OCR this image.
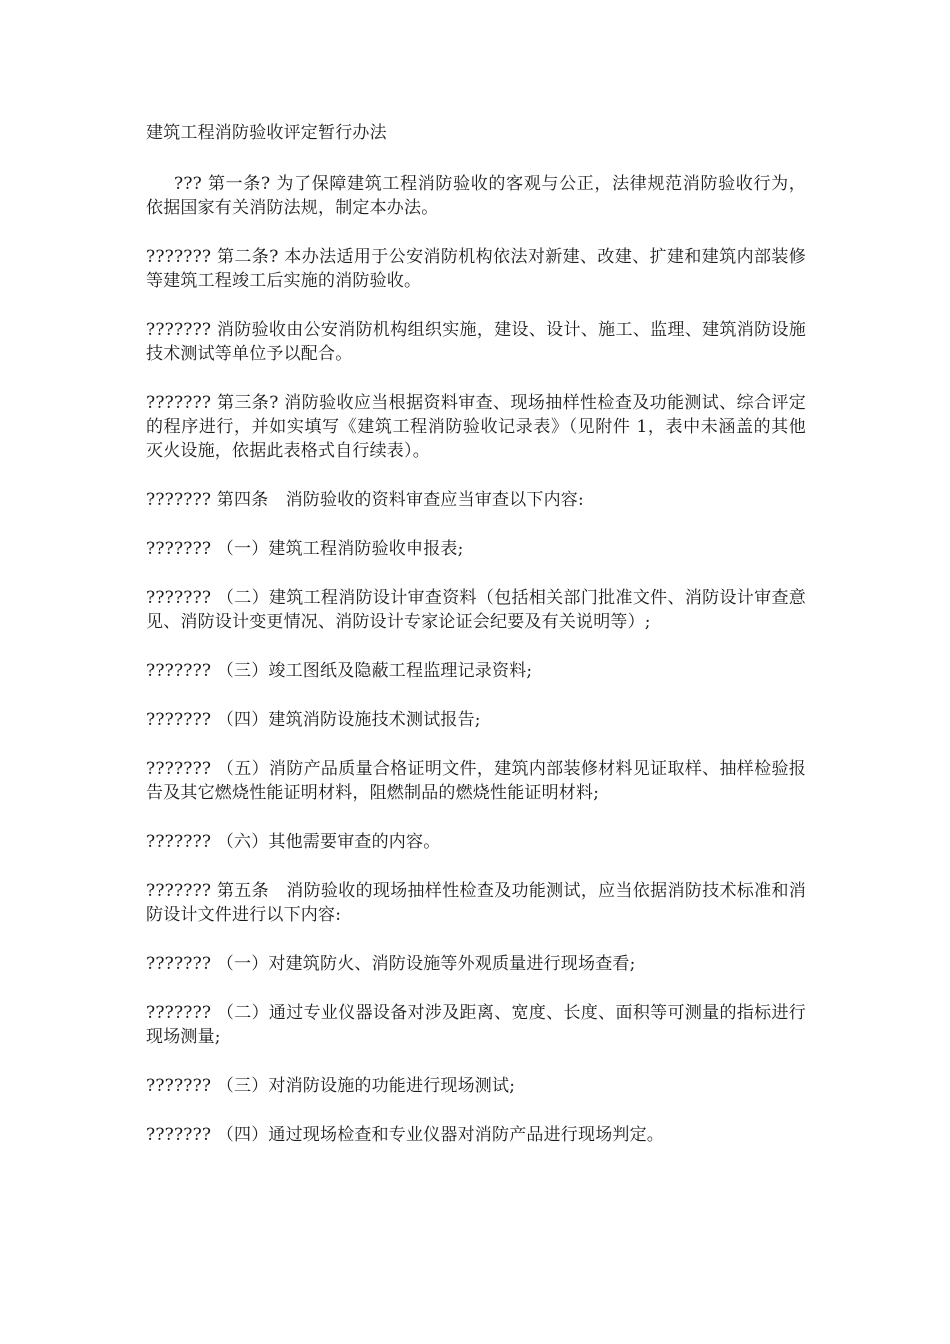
建筑工程消防验收评定暂行办法

??? 第一条? 为了保障建筑工程消防验收的客观与公正，法律规范消防验收行为，依据国家有关消防法规，制定本办法。

??????? 第二条? 本办法适用于公安消防机构依法对新建、改建、扩建和建筑内部装修等建筑工程竣工后实施的消防验收。

??????? 消防验收由公安消防机构组织实施，建设、设计、施工、监理、建筑消防设施技术测试等单位予以配合。

??????? 第三条? 消防验收应当根据资料审查、现场抽样性检查及功能测试、综合评定的程序进行，并如实填写《建筑工程消防验收记录表》（见附件 1，表中未涵盖的其他灭火设施，依据此表格式自行续表）。

??????? 第四条　消防验收的资料审查应当审查以下内容:

??????? （一）建筑工程消防验收申报表;

??????? （二）建筑工程消防设计审查资料（包括相关部门批准文件、消防设计审查意见、消防设计变更情况、消防设计专家论证会纪要及有关说明等）;

??????? （三）竣工图纸及隐蔽工程监理记录资料;

??????? （四）建筑消防设施技术测试报告;

??????? （五）消防产品质量合格证明文件，建筑内部装修材料见证取样、抽样检验报告及其它燃烧性能证明材料，阻燃制品的燃烧性能证明材料;

??????? （六）其他需要审查的内容。

??????? 第五条　消防验收的现场抽样性检查及功能测试，应当依据消防技术标准和消防设计文件进行以下内容:

??????? （一）对建筑防火、消防设施等外观质量进行现场查看;

??????? （二）通过专业仪器设备对涉及距离、宽度、长度、面积等可测量的指标进行现场测量;

??????? （三）对消防设施的功能进行现场测试;

??????? （四）通过现场检查和专业仪器对消防产品进行现场判定。
